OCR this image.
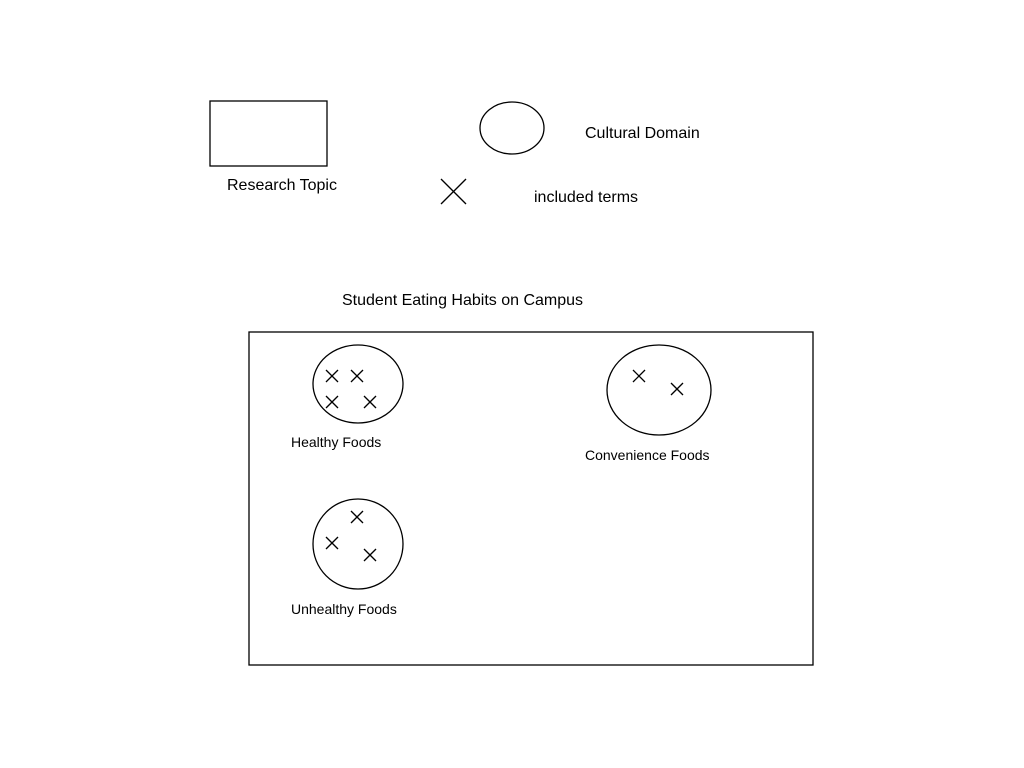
Research Topic
Cultural Domain
included terms
Student Eating Habits on Campus
Healthy Foods
Convenience Foods
Unhealthy Foods
